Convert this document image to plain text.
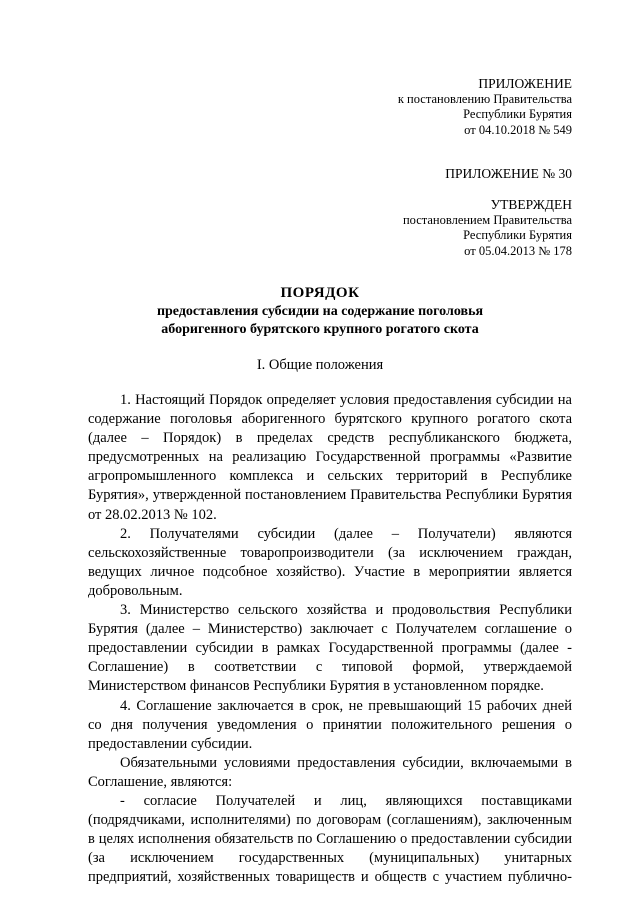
ПРИЛОЖЕНИЕ
к постановлению Правительства
Республики Бурятия
от 04.10.2018 № 549
ПРИЛОЖЕНИЕ № 30
УТВЕРЖДЕН
постановлением Правительства
Республики Бурятия
от 05.04.2013 № 178
ПОРЯДОК
предоставления субсидии на содержание поголовья
аборигенного бурятского крупного рогатого скота
I. Общие положения

1. Настоящий Порядок определяет условия предоставления субсидии на содержание поголовья аборигенного бурятского крупного рогатого скота (далее – Порядок) в пределах средств республиканского бюджета, предусмотренных на реализацию Государственной программы «Развитие агропромышленного комплекса и сельских территорий в Республике Бурятия», утвержденной постановлением Правительства Республики Бурятия от 28.02.2013 № 102.

2. Получателями субсидии (далее – Получатели) являются сельскохозяйственные товаропроизводители (за исключением граждан, ведущих личное подсобное хозяйство). Участие в мероприятии является добровольным.

3. Министерство сельского хозяйства и продовольствия Республики Бурятия (далее – Министерство) заключает с Получателем соглашение о предоставлении субсидии в рамках Государственной программы (далее - Соглашение) в соответствии с типовой формой, утверждаемой Министерством финансов Республики Бурятия в установленном порядке.

4. Соглашение заключается в срок, не превышающий 15 рабочих дней со дня получения уведомления о принятии положительного решения о предоставлении субсидии.

Обязательными условиями предоставления субсидии, включаемыми в Соглашение, являются:

- согласие Получателей и лиц, являющихся поставщиками (подрядчиками, исполнителями) по договорам (соглашениям), заключенным в целях исполнения обязательств по Соглашению о предоставлении субсидии (за исключением государственных (муниципальных) унитарных предприятий, хозяйственных товариществ и обществ с участием публично-
